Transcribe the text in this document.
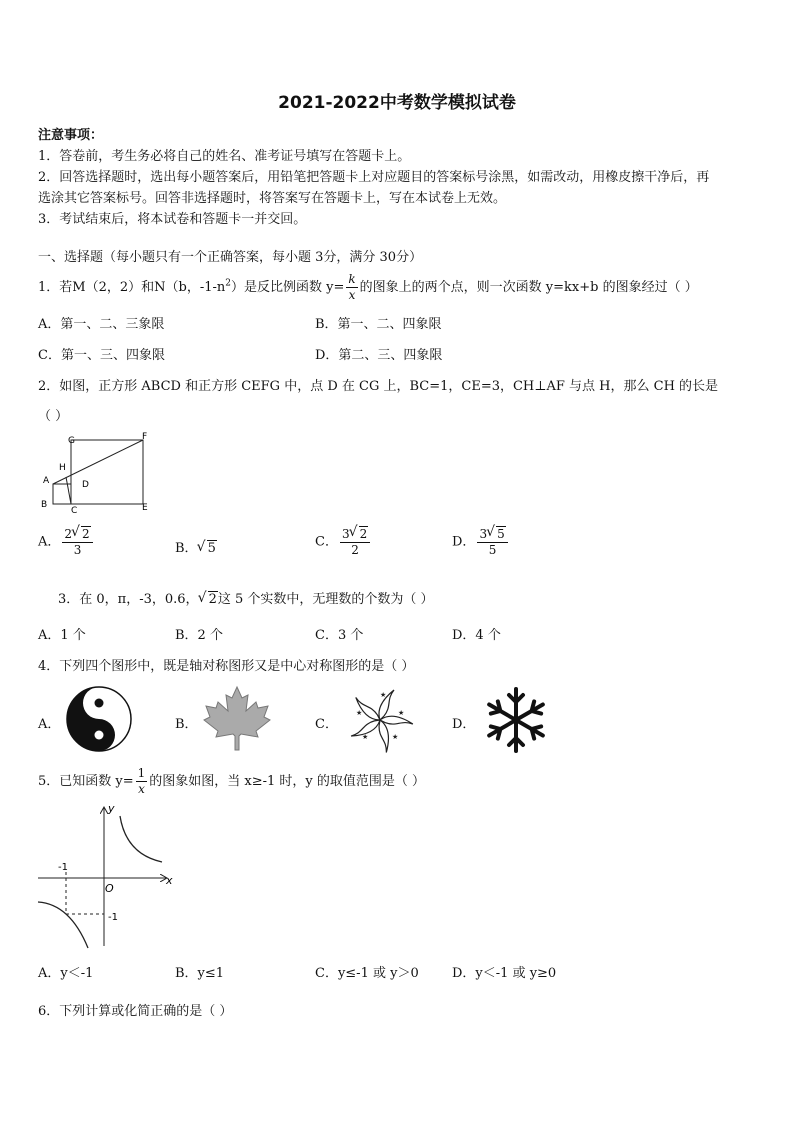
2021-2022中考数学模拟试卷
注意事项：
1．答卷前，考生务必将自己的姓名、准考证号填写在答题卡上。
2．回答选择题时，选出每小题答案后，用铅笔把答题卡上对应题目的答案标号涂黑，如需改动，用橡皮擦干净后，再
选涂其它答案标号。回答非选择题时，将答案写在答题卡上，写在本试卷上无效。
3．考试结束后，将本试卷和答题卡一并交回。
一、选择题（每小题只有一个正确答案，每小题 3分，满分 30分）
1．若M（2，2）和N（b，$-1-n^2$）是反比例函数 $y= \frac{k}{x}$ 的图象上的两个点，则一次函数 y=kx+b 的图象经过（ ）
A．第一、二、三象限	B．第一、二、四象限
C．第一、三、四象限	D．第二、三、四象限
2．如图，正方形 ABCD 和正方形 CEFG 中，点 D 在 CG 上，BC=1，CE=3，CH⊥AF 与点 H，那么 CH 的长是
（ ）
G	F
H
A	D
B
C	E
A． $\frac{2 √ 2}{3}$	B． √ 5	C． $\frac{3 √ 2}{2}$	D． $\frac{3 √ 5}{5}$
3．在 0，π，-3，0.6， √ 2这 5 个实数中，无理数的个数为（ ）
A．1 个	B．2 个	C．3 个	D．4 个
4．下列四个图形中，既是轴对称图形又是中心对称图形的是（ ）
A．	B．	C．
★
★
★
★
★
D．
5．已知函数 $y= \frac{1}{x}$ 的图象如图，当 x≥-1 时，y 的取值范围是（ ）
y
x
O
-1
-1
A．y＜-1	B．y≤1	C．y≤-1 或 y＞0	D．y＜-1 或 y≥0
6．下列计算或化简正确的是（ ）
